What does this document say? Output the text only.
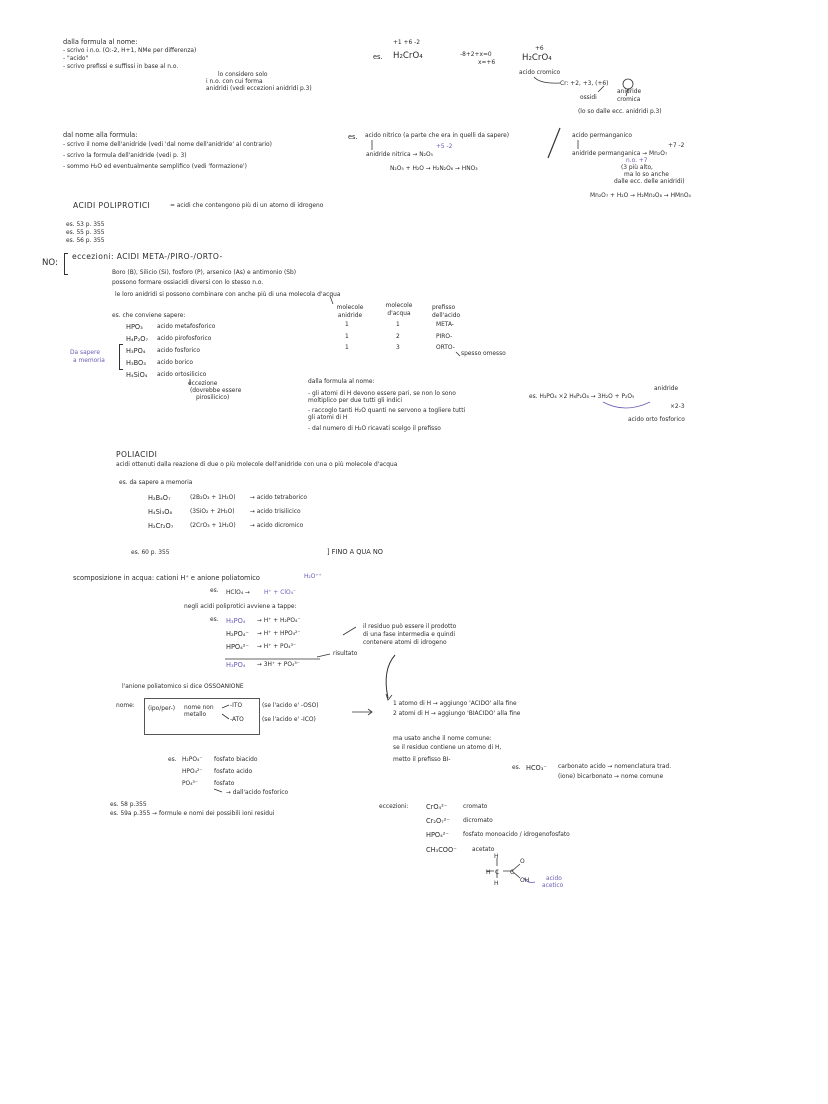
dalla formula al nome:
- scrivo i n.o. (O:-2, H+1, NMe per differenza)
- "acido"
- scrivo prefissi e suffissi in base al n.o.
lo considero solo
i n.o. con cui forma
anidridi (vedi eccezioni anidridi p.3)
+1 +6 -2
es. H₂CrO₄	-8+2+x=0
x=+6
+6
H₂CrO₄
acido cromico
Cr: +2, +3, (+6)
ossidi
anidride cromica
(lo so dalle ecc. anidridi p.3)
dal nome alla formula:
- scrivo il nome dell'anidride (vedi 'dal nome dell'anidride' al contrario)
- scrivo la formula dell'anidride (vedi p. 3)
- sommo H₂O ed eventualmente semplifico (vedi 'formazione')
es. acido nitrico (a parte che era in quelli da sapere)
anidride nitrica → N₂O₅
+5 -2
N₂O₅ + H₂O → H₂N₂O₆ → HNO₃
acido permanganico
anidride permanganica → Mn₂O₇
n.o. +7
(3 più alto,
ma lo so anche
dalle ecc. delle anidridi)
+7 -2
Mn₂O₇ + H₂O → H₂Mn₂O₈ → HMnO₄
ACIDI POLIPROTICI	= acidi che contengono più di un atomo di idrogeno
es. 53 p. 355
es. 55 p. 355
es. 56 p. 355
NO:
eccezioni: ACIDI META-/PIRO-/ORTO-
Boro (B), Silicio (Si), fosforo (P), arsenico (As) e antimonio (Sb)
possono formare ossiacidi diversi con lo stesso n.o.
le loro anidridi si possono combinare con anche più di una molecola d'acqua
es. che conviene sapere:
Da sapere
a memoria
HPO₃ acido metafosforico
H₄P₂O₇ acido pirofosforico
H₃PO₄ acido fosforico
H₃BO₃ acido borico
H₄SiO₄ acido ortosilicico
eccezione
(dovrebbe essere
pirosilicico)
molecole anidride
molecole d'acqua
prefisso dell'acido
1	1	META-
1	2	PIRO-
1	3	ORTO-
spesso omesso
dalla formula al nome:
- gli atomi di H devono essere pari, se non lo sono
moltiplico per due tutti gli indici
- raccoglo tanti H₂O quanti ne servono a togliere tutti
gli atomi di H
- dal numero di H₂O ricavati scelgo il prefisso
es. H₃PO₄ ×2 H₆P₂O₈ → 3H₂O + P₂O₅
anidride
×2-3
acido orto fosforico
POLIACIDI
acidi ottenuti dalla reazione di due o più molecole dell'anidride con una o più molecole d'acqua
es. da sapere a memoria
H₂B₄O₇	(2B₂O₃ + 1H₂O) → acido tetraborico
H₄Si₃O₈	(3SiO₂ + 2H₂O)	→ acido trisilicico
H₂Cr₂O₇	(2CrO₃ + 1H₂O) → acido dicromico
es. 60 p. 355	] FINO A QUA NO
scomposizione in acqua: cationi H⁺ e anione poliatomico	H₂O⁺⁺
es. HClO₄ → H⁺ + ClO₄⁻
negli acidi poliprotici avviene a tappe:
es. H₃PO₄ → H⁺ + H₂PO₄⁻
H₂PO₄⁻ → H⁺ + HPO₄²⁻
HPO₄²⁻ → H⁺ + PO₄³⁻
H₃PO₄ → 3H⁺ + PO₄³⁻
risultato
il residuo può essere il prodotto
di una fase intermedia e quindi
contenere atomi di idrogeno
l'anione poliatomico si dice OSSOANIONE
nome: (ipo/per-) nome non metallo
-ITO
-ATO
(se l'acido e' -OSO)
(se l'acido e' -ICO)
1 atomo di H → aggiungo 'ACIDO' alla fine
2 atomi di H → aggiungo 'BIACIDO' alla fine
ma usato anche il nome comune:
se il residuo contiene un atomo di H,
metto il prefisso BI-
es. HCO₃⁻ carbonato acido → nomenclatura trad.
(ione) bicarbonato → nome comune
es. H₂PO₄⁻ fosfato biacido
HPO₄²⁻ fosfato acido
PO₄³⁻	fosfato
→ dall'acido fosforico
es. 58 p.355
es. 59a p.355 → formule e nomi dei possibili ioni residui
eccezioni:	CrO₄²⁻	cromato
Cr₂O₇²⁻ dicromato
HPO₄²⁻ fosfato monoacido / idrogenofosfato
CH₃COO⁻	acetato
acido
acetico
H
H C C
H
O
OH
